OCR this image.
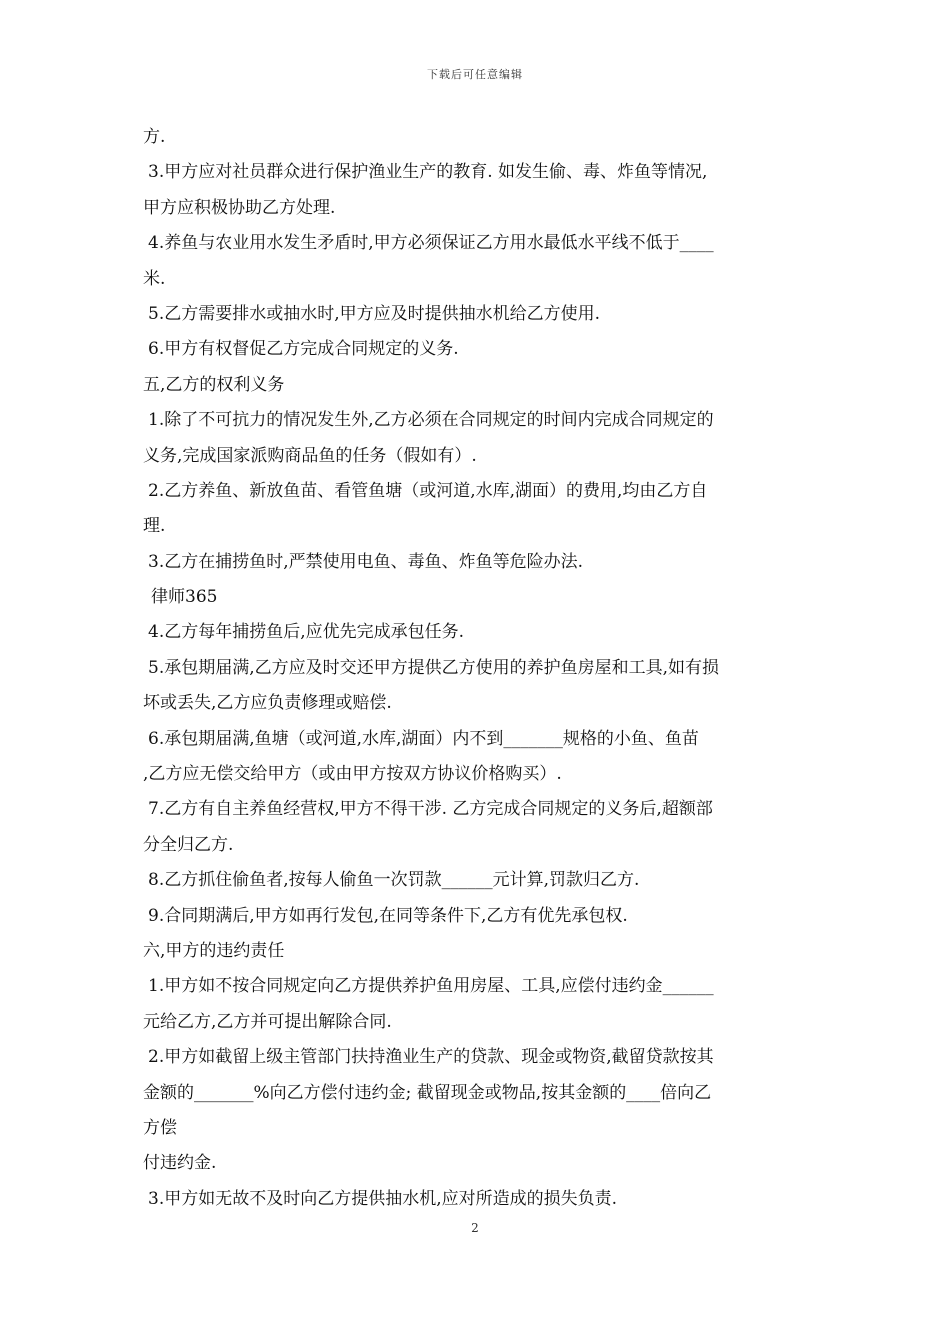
下载后可任意编辑
方.
3.甲方应对社员群众进行保护渔业生产的教育. 如发生偷、毒、炸鱼等情况,
甲方应积极协助乙方处理.
4.养鱼与农业用水发生矛盾时,甲方必须保证乙方用水最低水平线不低于____
米.
5.乙方需要排水或抽水时,甲方应及时提供抽水机给乙方使用.
6.甲方有权督促乙方完成合同规定的义务.
五,乙方的权利义务
1.除了不可抗力的情况发生外,乙方必须在合同规定的时间内完成合同规定的
义务,完成国家派购商品鱼的任务（假如有）.
2.乙方养鱼、新放鱼苗、看管鱼塘（或河道,水库,湖面）的费用,均由乙方自
理.
3.乙方在捕捞鱼时,严禁使用电鱼、毒鱼、炸鱼等危险办法.
律师365
4.乙方每年捕捞鱼后,应优先完成承包任务.
5.承包期届满,乙方应及时交还甲方提供乙方使用的养护鱼房屋和工具,如有损
坏或丢失,乙方应负责修理或赔偿.
6.承包期届满,鱼塘（或河道,水库,湖面）内不到_______规格的小鱼、鱼苗
,乙方应无偿交给甲方（或由甲方按双方协议价格购买）.
7.乙方有自主养鱼经营权,甲方不得干涉. 乙方完成合同规定的义务后,超额部
分全归乙方.
8.乙方抓住偷鱼者,按每人偷鱼一次罚款______元计算,罚款归乙方.
9.合同期满后,甲方如再行发包,在同等条件下,乙方有优先承包权.
六,甲方的违约责任
1.甲方如不按合同规定向乙方提供养护鱼用房屋、工具,应偿付违约金______
元给乙方,乙方并可提出解除合同.
2.甲方如截留上级主管部门扶持渔业生产的贷款、现金或物资,截留贷款按其
金额的_______%向乙方偿付违约金; 截留现金或物品,按其金额的____倍向乙
方偿
付违约金.
3.甲方如无故不及时向乙方提供抽水机,应对所造成的损失负责.
2
